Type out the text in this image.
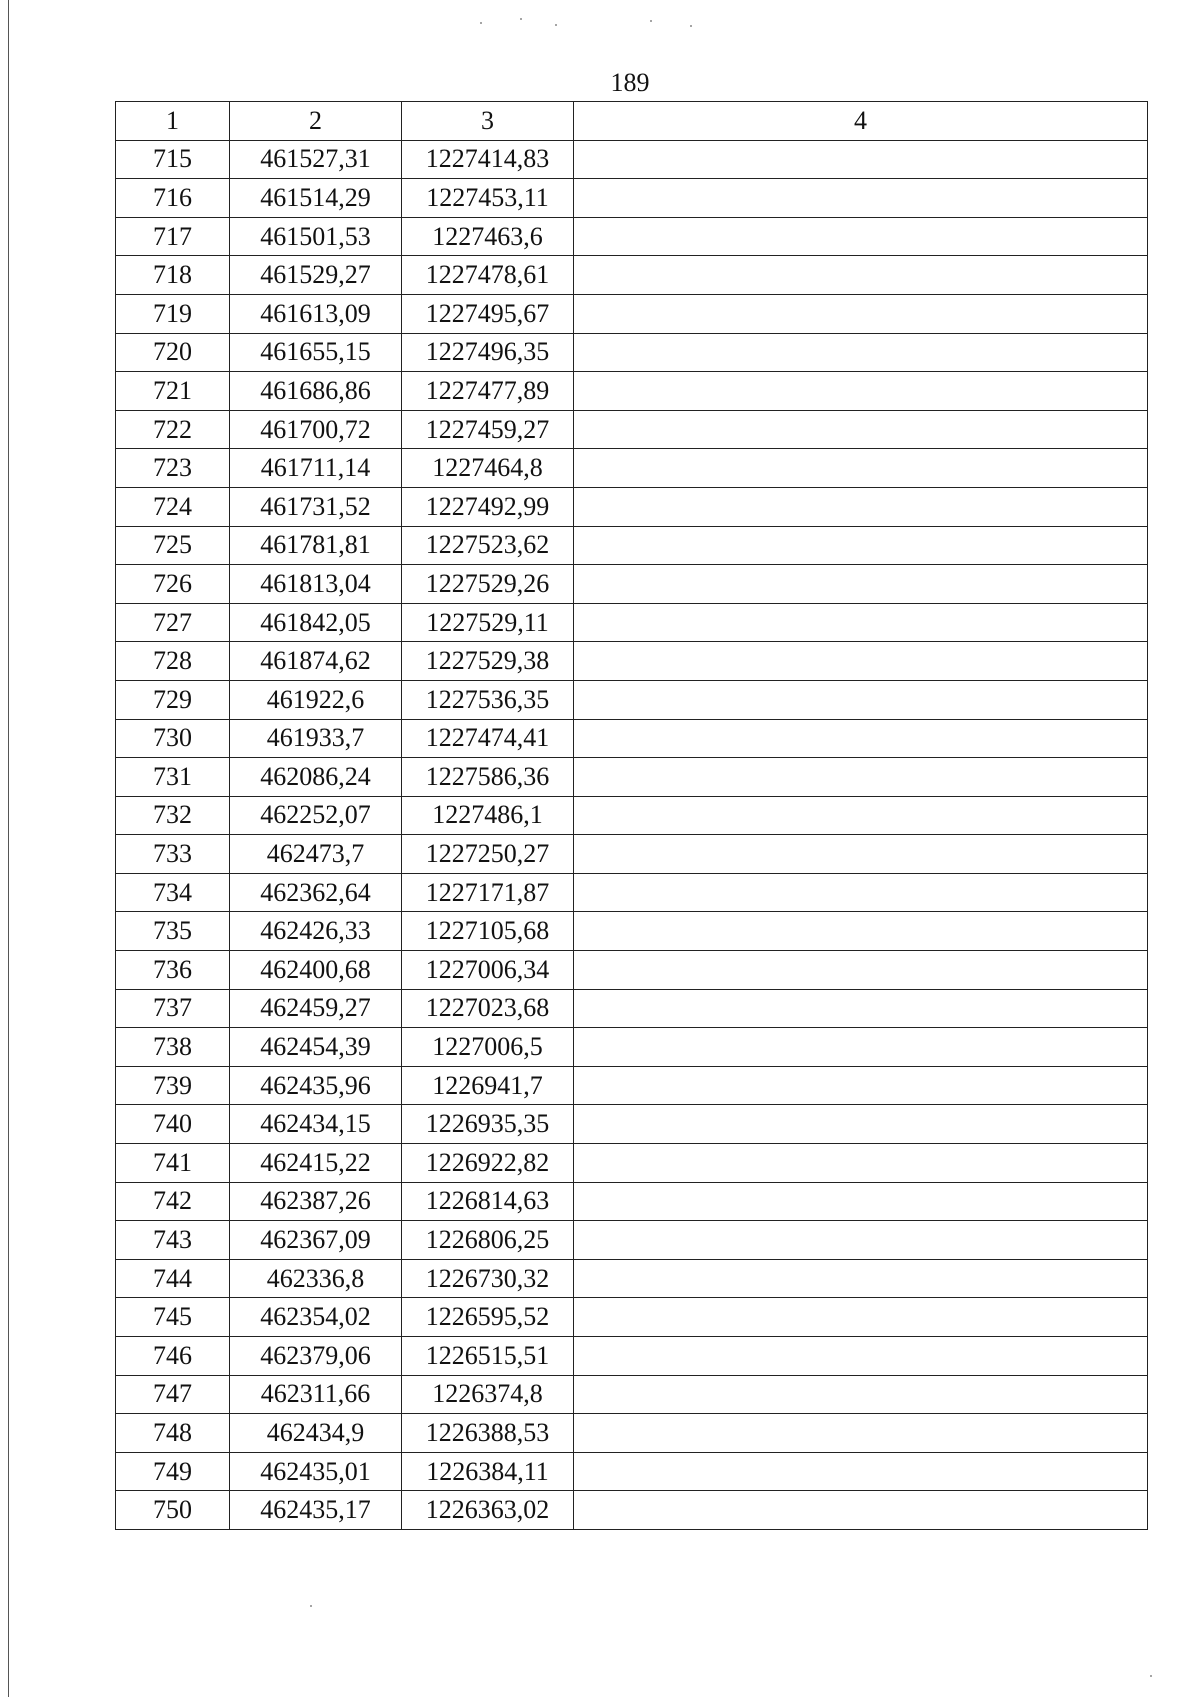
189
1	2	3	4
715	461527,31	1227414,83	
716	461514,29	1227453,11	
717	461501,53	1227463,6	
718	461529,27	1227478,61	
719	461613,09	1227495,67	
720	461655,15	1227496,35	
721	461686,86	1227477,89	
722	461700,72	1227459,27	
723	461711,14	1227464,8	
724	461731,52	1227492,99	
725	461781,81	1227523,62	
726	461813,04	1227529,26	
727	461842,05	1227529,11	
728	461874,62	1227529,38	
729	461922,6	1227536,35	
730	461933,7	1227474,41	
731	462086,24	1227586,36	
732	462252,07	1227486,1	
733	462473,7	1227250,27	
734	462362,64	1227171,87	
735	462426,33	1227105,68	
736	462400,68	1227006,34	
737	462459,27	1227023,68	
738	462454,39	1227006,5	
739	462435,96	1226941,7	
740	462434,15	1226935,35	
741	462415,22	1226922,82	
742	462387,26	1226814,63	
743	462367,09	1226806,25	
744	462336,8	1226730,32	
745	462354,02	1226595,52	
746	462379,06	1226515,51	
747	462311,66	1226374,8	
748	462434,9	1226388,53	
749	462435,01	1226384,11	
750	462435,17	1226363,02	
